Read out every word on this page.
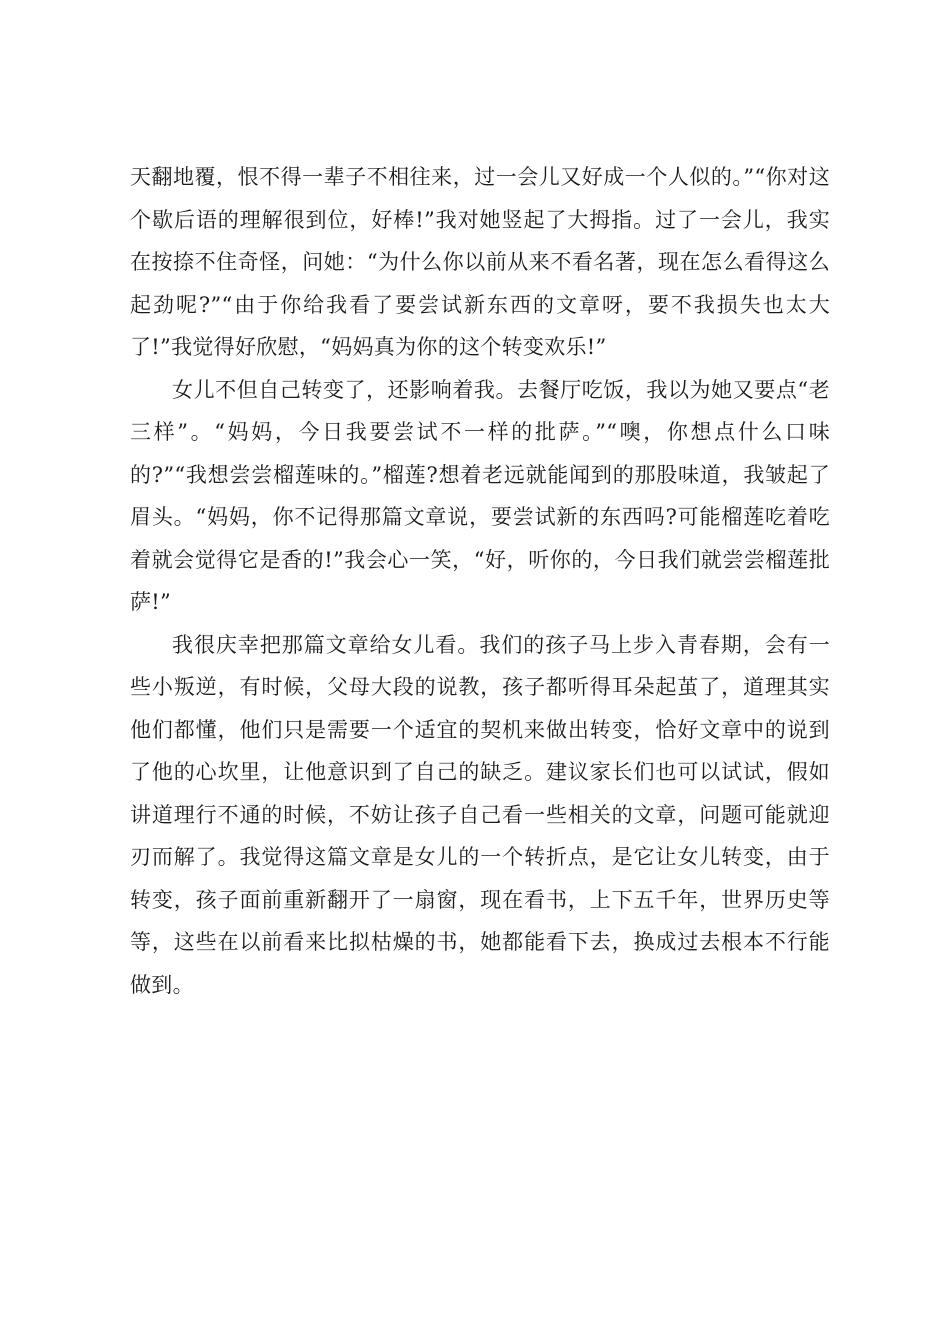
天翻地覆，恨不得一辈子不相往来，过一会儿又好成一个人似的。”“你对这个歇后语的理解很到位，好棒!”我对她竖起了大拇指。过了一会儿，我实在按捺不住奇怪，问她：“为什么你以前从来不看名著，现在怎么看得这么起劲呢?”“由于你给我看了要尝试新东西的文章呀，要不我损失也太大了!”我觉得好欣慰，“妈妈真为你的这个转变欢乐!”

女儿不但自己转变了，还影响着我。去餐厅吃饭，我以为她又要点“老三样”。“妈妈，今日我要尝试不一样的批萨。”“噢，你想点什么口味的?”“我想尝尝榴莲味的。”榴莲?想着老远就能闻到的那股味道，我皱起了眉头。“妈妈，你不记得那篇文章说，要尝试新的东西吗?可能榴莲吃着吃着就会觉得它是香的!”我会心一笑，“好，听你的，今日我们就尝尝榴莲批萨!”

我很庆幸把那篇文章给女儿看。我们的孩子马上步入青春期，会有一些小叛逆，有时候，父母大段的说教，孩子都听得耳朵起茧了，道理其实他们都懂，他们只是需要一个适宜的契机来做出转变，恰好文章中的说到了他的心坎里，让他意识到了自己的缺乏。建议家长们也可以试试，假如讲道理行不通的时候，不妨让孩子自己看一些相关的文章，问题可能就迎刃而解了。我觉得这篇文章是女儿的一个转折点，是它让女儿转变，由于转变，孩子面前重新翻开了一扇窗，现在看书，上下五千年，世界历史等等，这些在以前看来比拟枯燥的书，她都能看下去，换成过去根本不行能做到。
